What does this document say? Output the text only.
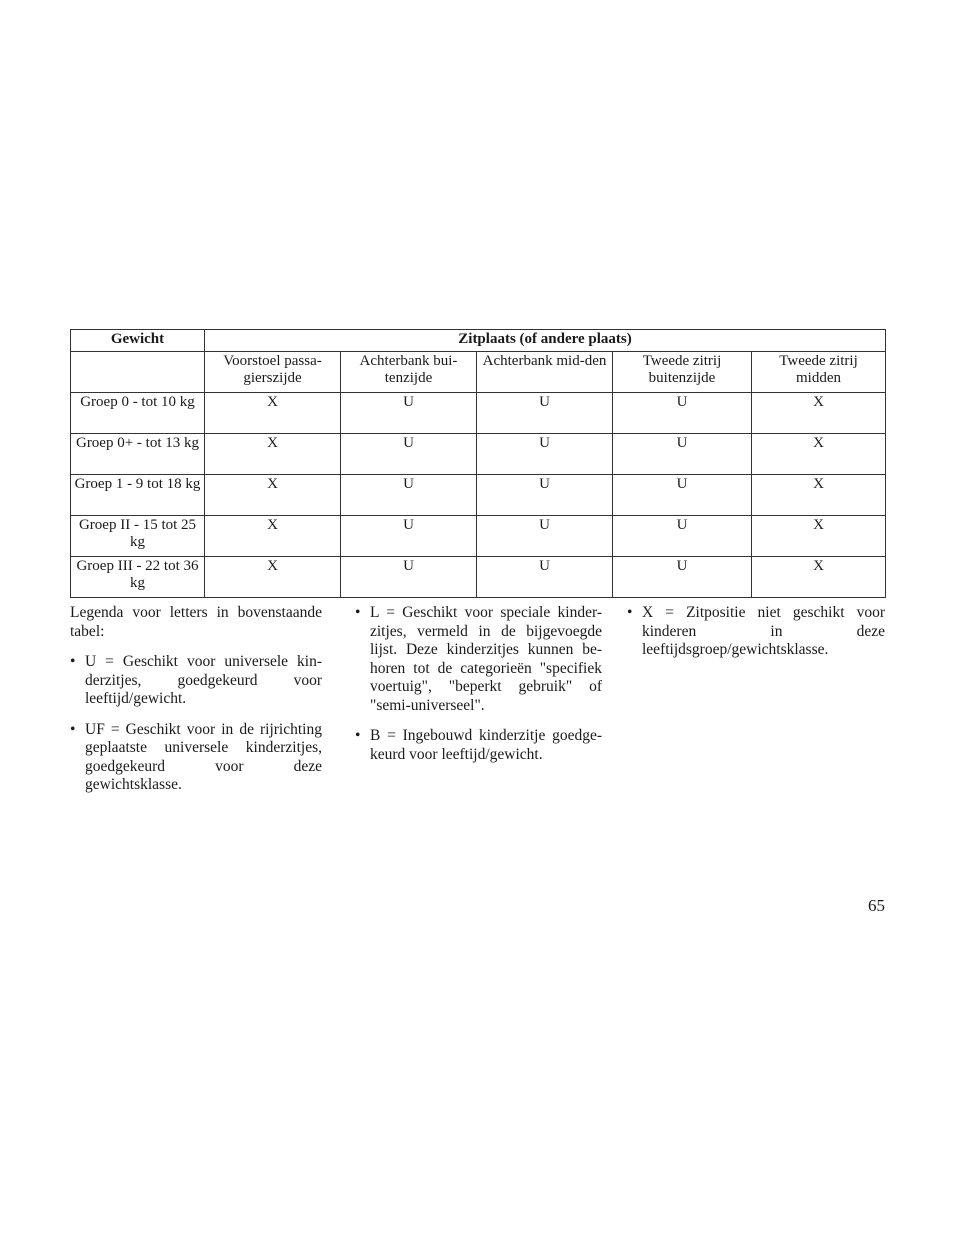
Gewicht	Zitplaats (of andere plaats)				
	Voorstoel passa-gierszijde	Achterbank bui-tenzijde	Achterbank mid-den	Tweede zitrij buitenzijde	Tweede zitrij midden
Groep 0 - tot 10 kg	X	U	U	U	X
Groep 0+ - tot 13 kg	X	U	U	U	X
Groep 1 - 9 tot 18 kg	X	U	U	U	X
Groep II - 15 tot 25 kg	X	U	U	U	X
Groep III - 22 tot 36 kg	X	U	U	U	X

Legenda voor letters in bovenstaande tabel:

• U = Geschikt voor universele kin-derzitjes, goedgekeurd voor leeftijd/gewicht.
• UF = Geschikt voor in de rijrichting geplaatste universele kinderzitjes, goedgekeurd voor deze gewichtsklasse.
• L = Geschikt voor speciale kinder-zitjes, vermeld in de bijgevoegde lijst. Deze kinderzitjes kunnen be-horen tot de categorieën "specifiek voertuig", "beperkt gebruik" of "semi-universeel".
• B = Ingebouwd kinderzitje goedge-keurd voor leeftijd/gewicht.
• X = Zitpositie niet geschikt voor kinderen in deze leeftijdsgroep/gewichtsklasse.
65
